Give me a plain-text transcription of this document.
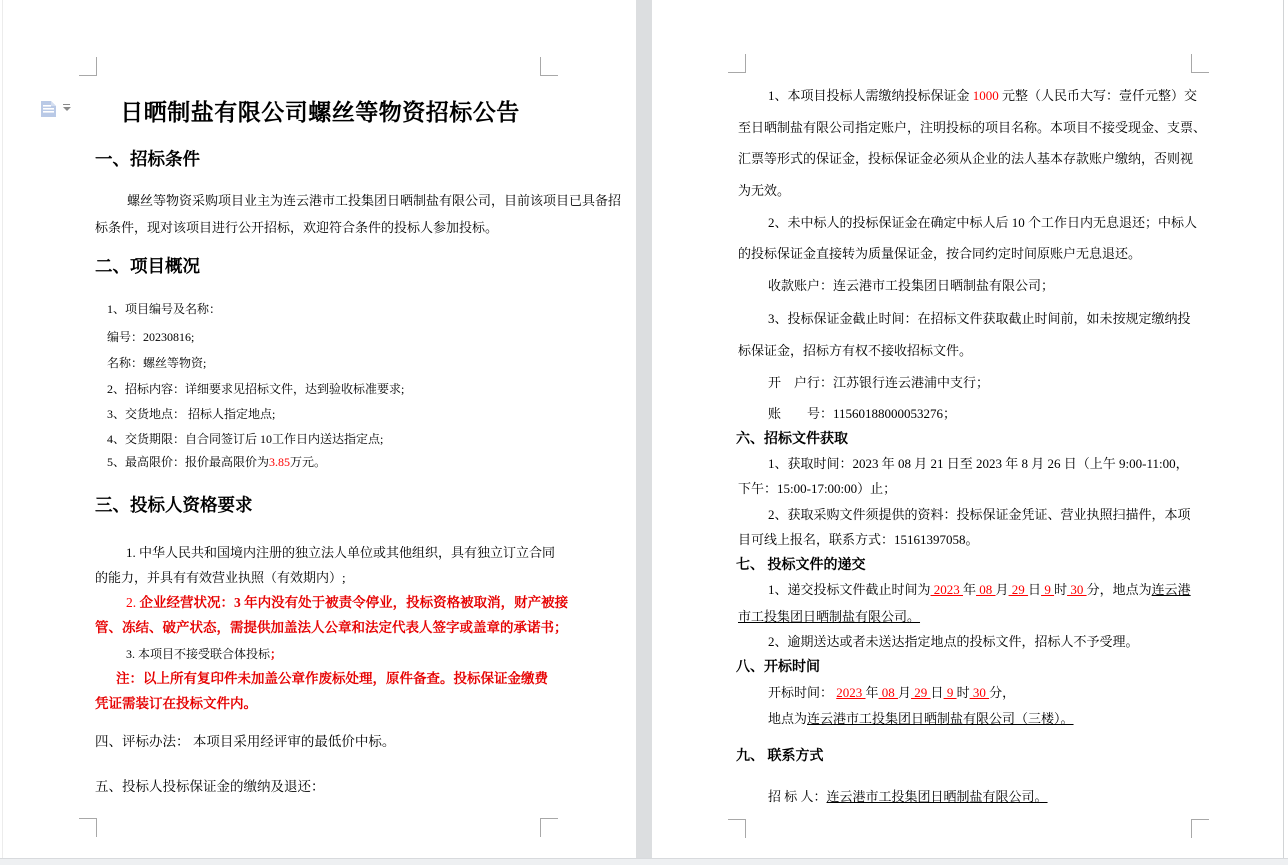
日晒制盐有限公司螺丝等物资招标公告
一、招标条件
螺丝等物资采购项目业主为连云港市工投集团日晒制盐有限公司，目前该项目已具备招
标条件，现对该项目进行公开招标，欢迎符合条件的投标人参加投标。
二、项目概况
1、项目编号及名称：
编号：20230816;
名称：螺丝等物资;
2、招标内容：详细要求见招标文件，达到验收标准要求;
3、交货地点： 招标人指定地点;
4、交货期限：自合同签订后 10工作日内送达指定点;
5、最高限价：报价最高限价为3.85万元。
三、投标人资格要求
1. 中华人民共和国境内注册的独立法人单位或其他组织，具有独立订立合同
的能力，并具有有效营业执照（有效期内）;
2. 企业经营状况：3 年内没有处于被责令停业，投标资格被取消，财产被接
管、冻结、破产状态，需提供加盖法人公章和法定代表人签字或盖章的承诺书；
3. 本项目不接受联合体投标；
注：以上所有复印件未加盖公章作废标处理，原件备查。投标保证金缴费
凭证需装订在投标文件内。
四、评标办法： 本项目采用经评审的最低价中标。
五、投标人投标保证金的缴纳及退还：
1、本项目投标人需缴纳投标保证金 1000 元整（人民币大写：壹仟元整）交
至日晒制盐有限公司指定账户，注明投标的项目名称。本项目不接受现金、支票、
汇票等形式的保证金，投标保证金必须从企业的法人基本存款账户缴纳，否则视
为无效。
2、未中标人的投标保证金在确定中标人后 10 个工作日内无息退还；中标人
的投标保证金直接转为质量保证金，按合同约定时间原账户无息退还。
收款账户：连云港市工投集团日晒制盐有限公司；
3、投标保证金截止时间：在招标文件获取截止时间前，如未按规定缴纳投
标保证金，招标方有权不接收招标文件。
开　户行：江苏银行连云港浦中支行；
账　　号：11560188000053276；
六、招标文件获取
1、获取时间：2023 年 08 月 21 日至 2023 年 8 月 26 日（上午 9:00-11:00，
下午：15:00-17:00:00）止；
2、获取采购文件须提供的资料：投标保证金凭证、营业执照扫描件，本项
目可线上报名，联系方式：15161397058。
七、 投标文件的递交
1、递交投标文件截止时间为 2023 年 08 月 29 日 9 时 30 分，地点为连云港
市工投集团日晒制盐有限公司。
2、逾期送达或者未送达指定地点的投标文件，招标人不予受理。
八、开标时间
开标时间： 2023 年 08 月 29 日 9 时 30 分，
地点为连云港市工投集团日晒制盐有限公司（三楼）。
九、 联系方式
招 标 人：连云港市工投集团日晒制盐有限公司。
